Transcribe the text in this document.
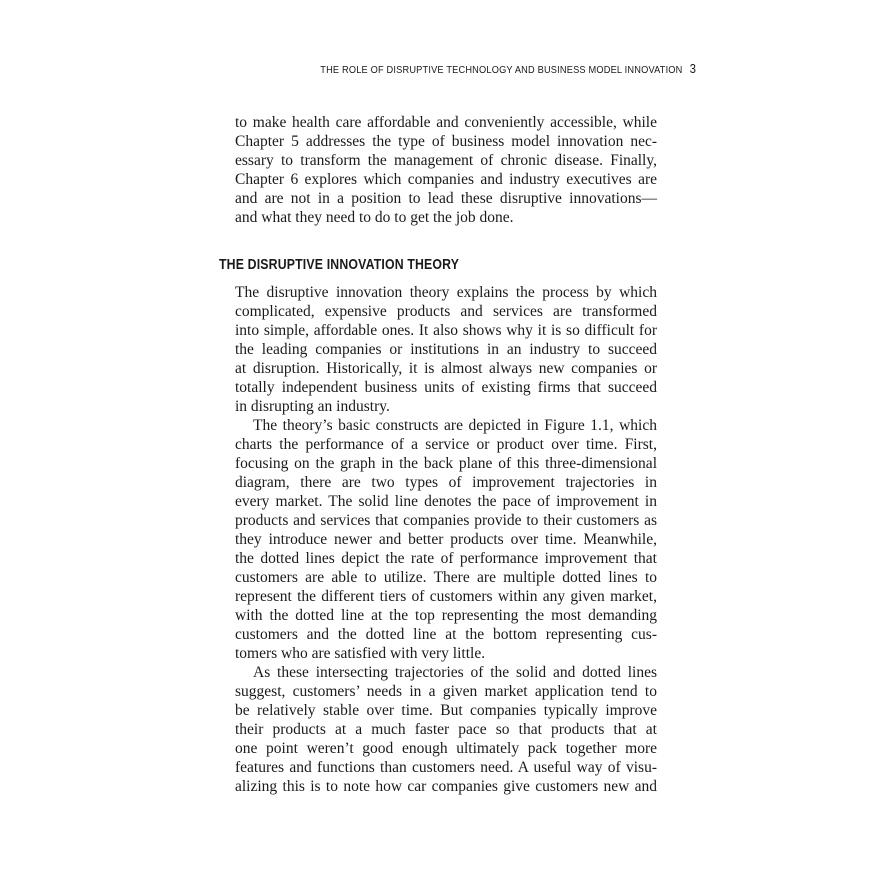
THE ROLE OF DISRUPTIVE TECHNOLOGY AND BUSINESS MODEL INNOVATION 3
to make health care affordable and conveniently accessible, while
Chapter 5 addresses the type of business model innovation nec-
essary to transform the management of chronic disease. Finally,
Chapter 6 explores which companies and industry executives are
and are not in a position to lead these disruptive innovations—
and what they need to do to get the job done.
THE DISRUPTIVE INNOVATION THEORY
The disruptive innovation theory explains the process by which
complicated, expensive products and services are transformed
into simple, affordable ones. It also shows why it is so difficult for
the leading companies or institutions in an industry to succeed
at disruption. Historically, it is almost always new companies or
totally independent business units of existing firms that succeed
in disrupting an industry.
The theory’s basic constructs are depicted in Figure 1.1, which
charts the performance of a service or product over time. First,
focusing on the graph in the back plane of this three-dimensional
diagram, there are two types of improvement trajectories in
every market. The solid line denotes the pace of improvement in
products and services that companies provide to their customers as
they introduce newer and better products over time. Meanwhile,
the dotted lines depict the rate of performance improvement that
customers are able to utilize. There are multiple dotted lines to
represent the different tiers of customers within any given market,
with the dotted line at the top representing the most demanding
customers and the dotted line at the bottom representing cus-
tomers who are satisfied with very little.
As these intersecting trajectories of the solid and dotted lines
suggest, customers’ needs in a given market application tend to
be relatively stable over time. But companies typically improve
their products at a much faster pace so that products that at
one point weren’t good enough ultimately pack together more
features and functions than customers need. A useful way of visu-
alizing this is to note how car companies give customers new and
